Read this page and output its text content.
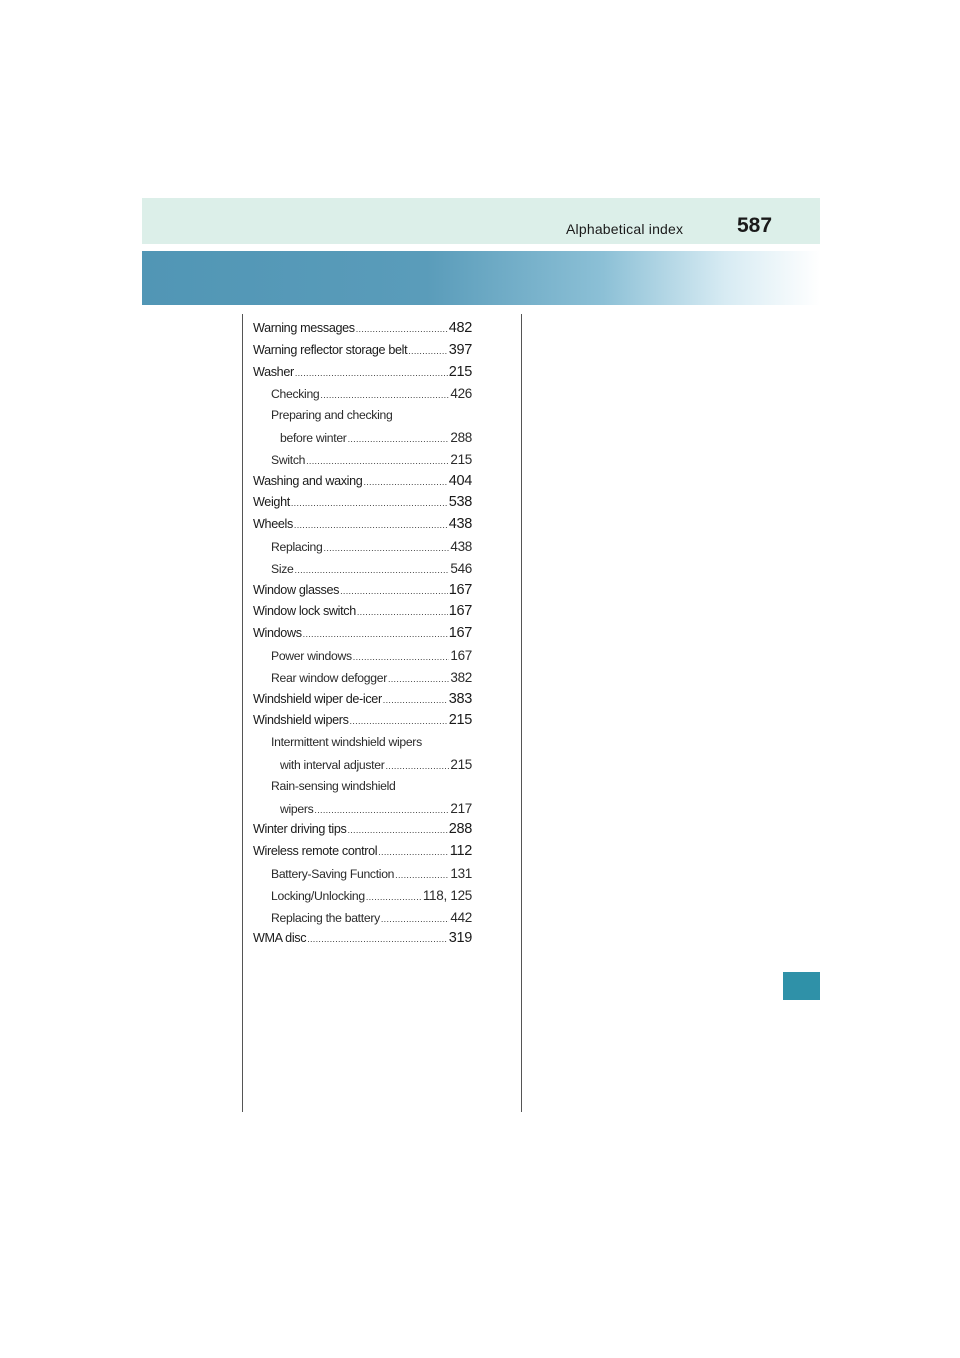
Alphabetical index	587
Warning messages .....	482
Warning reflector storage belt .....	397
Washer .....	215
Checking .....	426
Preparing and checking
before winter .....	288
Switch .....	215
Washing and waxing .....	404
Weight .....	538
Wheels .....	438
Replacing .....	438
Size .....	546
Window glasses .....	167
Window lock switch .....	167
Windows .....	167
Power windows .....	167
Rear window defogger .....	382
Windshield wiper de-icer .....	383
Windshield wipers .....	215
Intermittent windshield wipers
with interval adjuster .....	215
Rain-sensing windshield
wipers .....	217
Winter driving tips .....	288
Wireless remote control .....	112
Battery-Saving Function .....	131
Locking/Unlocking .....	118, 125
Replacing the battery .....	442
WMA disc .....	319
